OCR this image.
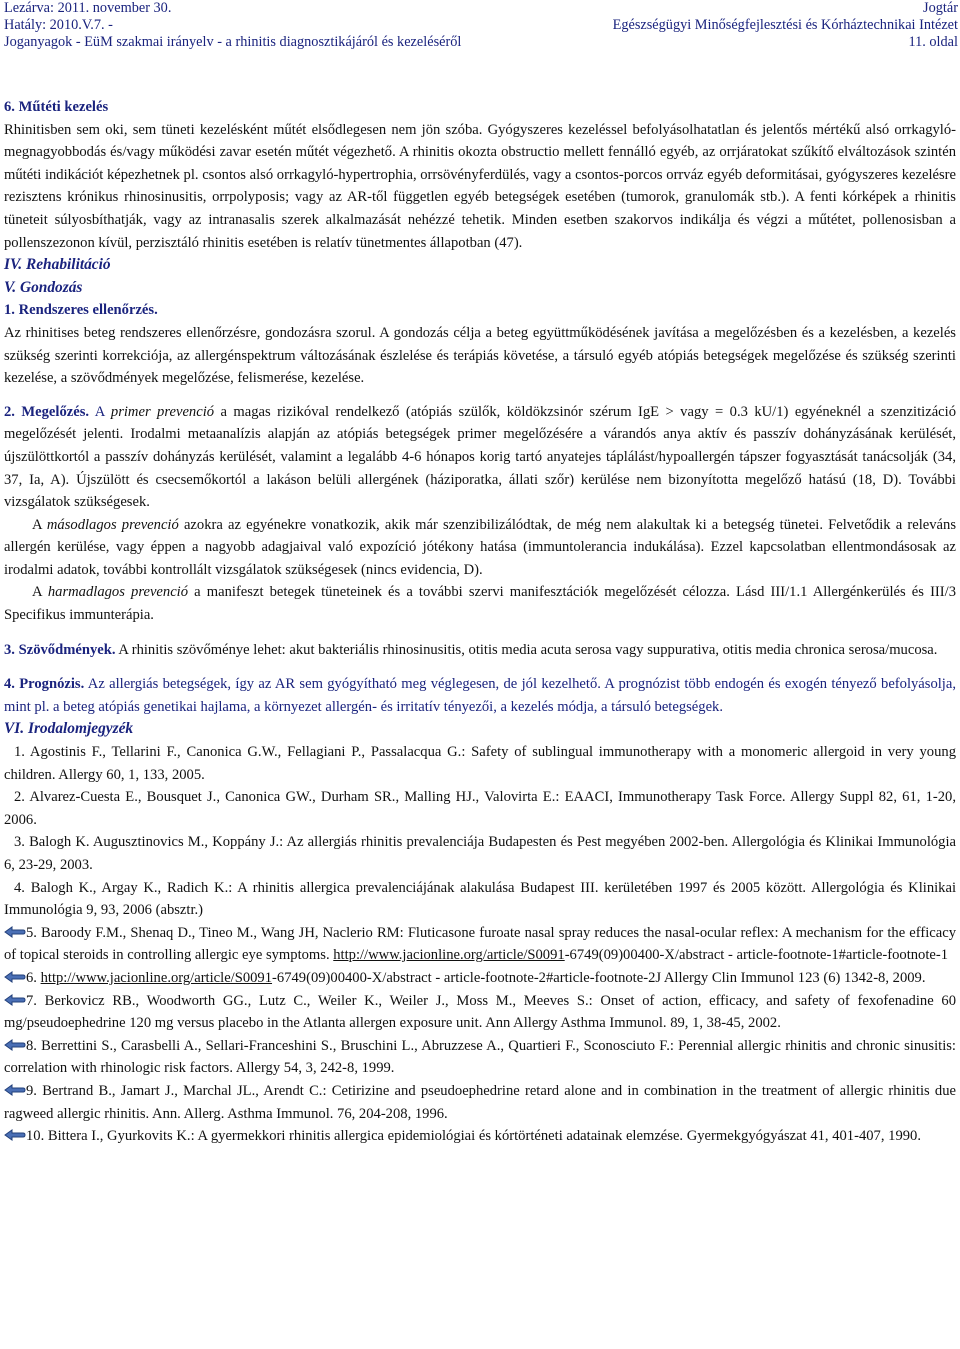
Lezárva: 2011. november 30.	Jogtár
Hatály: 2010.V.7. -	Egészségügyi Minőségfejlesztési és Kórháztechnikai Intézet
Joganyagok - EüM szakmai irányelv - a rhinitis diagnosztikájáról és kezeléséről	11. oldal

6. Műtéti kezelés

Rhinitisben sem oki, sem tüneti kezelésként műtét elsődlegesen nem jön szóba. Gyógyszeres kezeléssel befolyásolhatatlan és jelentős mértékű alsó orrkagyló-megnagyobbodás és/vagy működési zavar esetén műtét végezhető. A rhinitis okozta obstructio mellett fennálló egyéb, az orrjáratokat szűkítő elváltozások szintén műtéti indikációt képezhetnek pl. csontos alsó orrkagyló-hypertrophia, orrsövényferdülés, vagy a csontos-porcos orrváz egyéb deformitásai, gyógyszeres kezelésre rezisztens krónikus rhinosinusitis, orrpolyposis; vagy az AR-től független egyéb betegségek esetében (tumorok, granulomák stb.). A fenti kórképek a rhinitis tüneteit súlyosbíthatják, vagy az intranasalis szerek alkalmazását nehézzé tehetik. Minden esetben szakorvos indikálja és végzi a műtétet, pollenosisban a pollenszezonon kívül, perzisztáló rhinitis esetében is relatív tünetmentes állapotban (47).

IV. Rehabilitáció

V. Gondozás

1. Rendszeres ellenőrzés.

Az rhinitises beteg rendszeres ellenőrzésre, gondozásra szorul. A gondozás célja a beteg együttműködésének javítása a megelőzésben és a kezelésben, a kezelés szükség szerinti korrekciója, az allergénspektrum változásának észlelése és terápiás követése, a társuló egyéb atópiás betegségek megelőzése és szükség szerinti kezelése, a szövődmények megelőzése, felismerése, kezelése.

2. Megelőzés. A primer prevenció a magas rizikóval rendelkező (atópiás szülők, köldökzsinór szérum IgE > vagy = 0.3 kU/1) egyéneknél a szenzitizáció megelőzését jelenti. Irodalmi metaanalízis alapján az atópiás betegségek primer megelőzésére a várandós anya aktív és passzív dohányzásának kerülését, újszülöttkortól a passzív dohányzás kerülését, valamint a legalább 4-6 hónapos korig tartó anyatejes táplálást/hypoallergén tápszer fogyasztását tanácsolják (34, 37, Ia, A). Újszülött és csecsemőkortól a lakáson belüli allergének (háziporatka, állati szőr) kerülése nem bizonyította megelőző hatású (18, D). További vizsgálatok szükségesek.

A másodlagos prevenció azokra az egyénekre vonatkozik, akik már szenzibilizálódtak, de még nem alakultak ki a betegség tünetei. Felvetődik a releváns allergén kerülése, vagy éppen a nagyobb adagjaival való expozíció jótékony hatása (immuntolerancia indukálása). Ezzel kapcsolatban ellentmondásosak az irodalmi adatok, további kontrollált vizsgálatok szükségesek (nincs evidencia, D).

A harmadlagos prevenció a manifeszt betegek tüneteinek és a további szervi manifesztációk megelőzését célozza. Lásd III/1.1 Allergénkerülés és III/3 Specifikus immunterápia.

3. Szövődmények. A rhinitis szövőménye lehet: akut bakteriális rhinosinusitis, otitis media acuta serosa vagy suppurativa, otitis media chronica serosa/mucosa.

4. Prognózis. Az allergiás betegségek, így az AR sem gyógyítható meg véglegesen, de jól kezelhető. A prognózist több endogén és exogén tényező befolyásolja, mint pl. a beteg atópiás genetikai hajlama, a környezet allergén- és irritatív tényezői, a kezelés módja, a társuló betegségek.

VI. Irodalomjegyzék

1. Agostinis F., Tellarini F., Canonica G.W., Fellagiani P., Passalacqua G.: Safety of sublingual immunotherapy with a monomeric allergoid in very young children. Allergy 60, 1, 133, 2005.

2. Alvarez-Cuesta E., Bousquet J., Canonica GW., Durham SR., Malling HJ., Valovirta E.: EAACI, Immunotherapy Task Force. Allergy Suppl 82, 61, 1-20, 2006.

3. Balogh K. Augusztinovics M., Koppány J.: Az allergiás rhinitis prevalenciája Budapesten és Pest megyében 2002-ben. Allergológia és Klinikai Immunológia 6, 23-29, 2003.

4. Balogh K., Argay K., Radich K.: A rhinitis allergica prevalenciájának alakulása Budapest III. kerületében 1997 és 2005 között. Allergológia és Klinikai Immunológia 9, 93, 2006 (absztr.)

5. Baroody F.M., Shenaq D., Tineo M., Wang JH, Naclerio RM: Fluticasone furoate nasal spray reduces the nasal-ocular reflex: A mechanism for the efficacy of topical steroids in controlling allergic eye symptoms. http://www.jacionline.org/article/S0091-6749(09)00400-X/abstract - article-footnote-1#article-footnote-1

6. http://www.jacionline.org/article/S0091-6749(09)00400-X/abstract - article-footnote-2#article-footnote-2J Allergy Clin Immunol 123 (6) 1342-8, 2009.

7. Berkovicz RB., Woodworth GG., Lutz C., Weiler K., Weiler J., Moss M., Meeves S.: Onset of action, efficacy, and safety of fexofenadine 60 mg/pseudoephedrine 120 mg versus placebo in the Atlanta allergen exposure unit. Ann Allergy Asthma Immunol. 89, 1, 38-45, 2002.

8. Berrettini S., Carasbelli A., Sellari-Franceshini S., Bruschini L., Abruzzese A., Quartieri F., Sconosciuto F.: Perennial allergic rhinitis and chronic sinusitis: correlation with rhinologic risk factors. Allergy 54, 3, 242-8, 1999.

9. Bertrand B., Jamart J., Marchal JL., Arendt C.: Cetirizine and pseudoephedrine retard alone and in combination in the treatment of allergic rhinitis due ragweed allergic rhinitis. Ann. Allerg. Asthma Immunol. 76, 204-208, 1996.

10. Bittera I., Gyurkovits K.: A gyermekkori rhinitis allergica epidemiológiai és kórtörténeti adatainak elemzése. Gyermekgyógyászat 41, 401-407, 1990.
